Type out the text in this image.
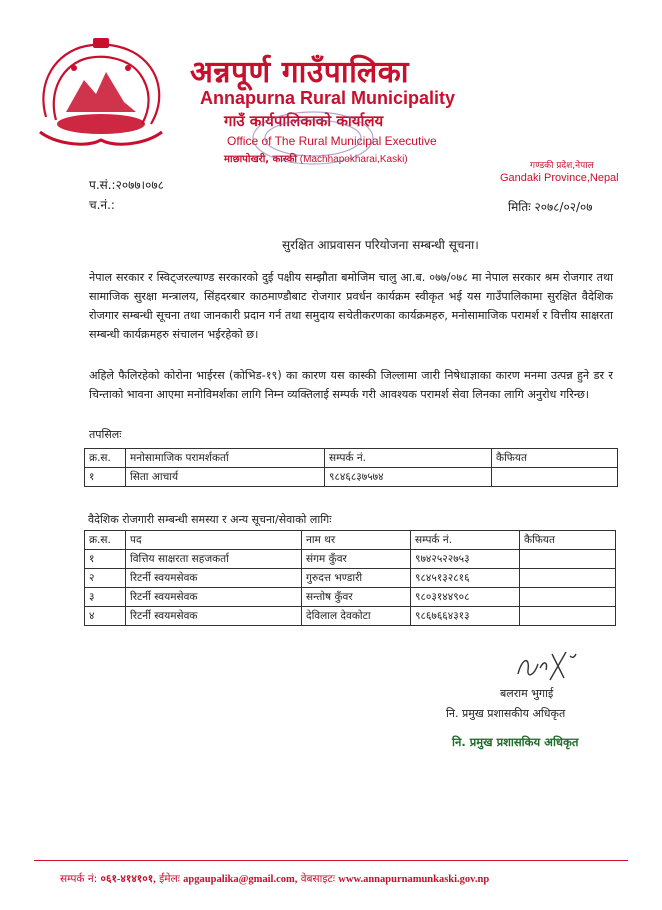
अन्नपूर्ण गाउँपालिका
Annapurna Rural Municipality
गाउँ कार्यपालिकाको कार्यालय
Office of The Rural Municipal Executive
माछापोखरी, कास्की (Machhapokharai,Kaski)
गण्डकी प्रदेश,नेपाल
Gandaki Province,Nepal
प.सं.:२०७७।०७८
च.नं.:	मितिः २०७८/०२/०७
सुरक्षित आप्रवासन परियोजना सम्बन्धी सूचना।

नेपाल सरकार र स्विट्जरल्याण्ड सरकारको दुई पक्षीय सम्झौता बमोजिम चालु आ.ब. ०७७/०७८ मा नेपाल सरकार श्रम रोजगार तथा सामाजिक सुरक्षा मन्त्रालय, सिंहदरबार काठमाण्डौबाट रोजगार प्रवर्धन कार्यक्रम स्वीकृत भई यस गाउँपालिकामा सुरक्षित वैदेशिक रोजगार सम्बन्धी सूचना तथा जानकारी प्रदान गर्न तथा समुदाय सचेतीकरणका कार्यक्रमहरु, मनोसामाजिक परामर्श र वित्तीय साक्षरता सम्बन्धी कार्यक्रमहरु संचालन भईरहेको छ।

अहिले फैलिरहेको कोरोना भाईरस (कोभिड-१९) का कारण यस कास्की जिल्लामा जारी निषेधाज्ञाका कारण मनमा उत्पन्न हुने डर र चिन्ताको भावना आएमा मनोविमर्शका लागि निम्न व्यक्तिलाई सम्पर्क गरी आवश्यक परामर्श सेवा लिनका लागि अनुरोध गरिन्छ।

तपसिलः
क्र.स.	मनोसामाजिक परामर्शकर्ता	सम्पर्क नं.	कैफियत
१	सिता आचार्य	९८४६८३७५७४	
वैदेशिक रोजगारी सम्बन्धी समस्या र अन्य सूचना/सेवाको लागिः
क्र.स.	पद	नाम थर	सम्पर्क नं.	कैफियत
१	वित्तिय साक्षरता सहजकर्ता	संगम कुँवर	९७४२५२२७५३	
२	रिटर्नी स्वयमसेवक	गुरुदत्त भण्डारी	९८४५१३२८१६	
३	रिटर्नी स्वयमसेवक	सन्तोष कुँवर	९८०३१४४९०८	
४	रिटर्नी स्वयमसेवक	देविलाल देवकोटा	९८६७६६४३१३	
बलराम भुगाई
नि. प्रमुख प्रशासकीय अधिकृत
नि. प्रमुख प्रशासकिय अधिकृत
सम्पर्क नं: ०६१-४१४१०१, ईमेलः apgaupalika@gmail.com, वेबसाइटः www.annapurnamunkaski.gov.np
